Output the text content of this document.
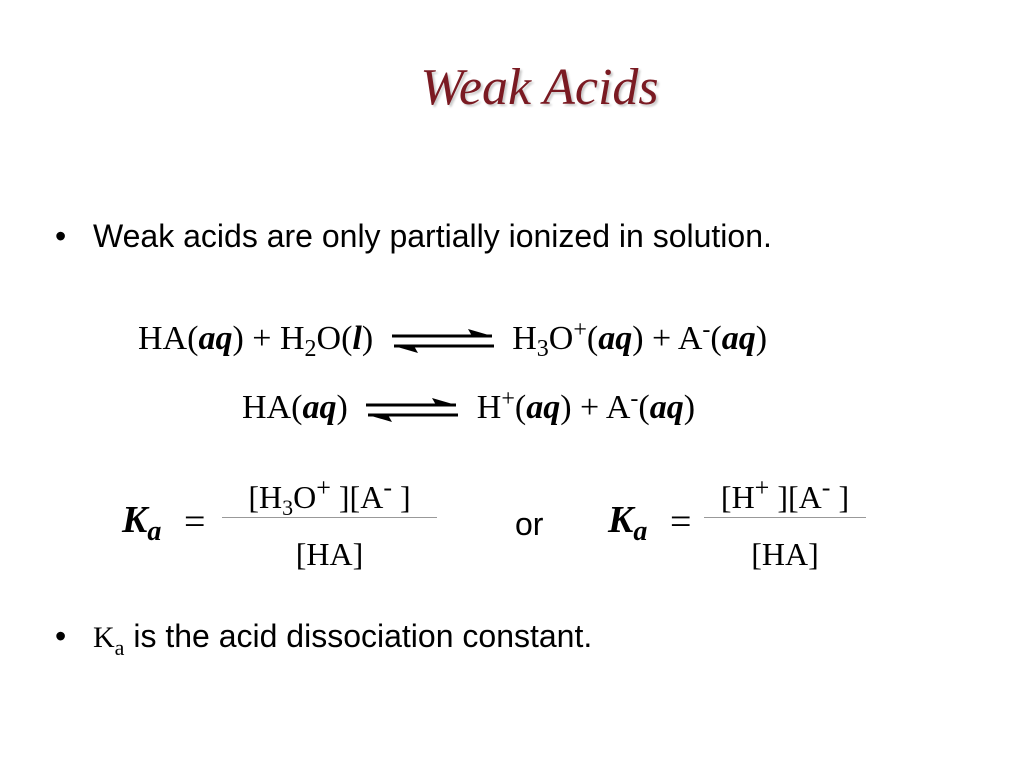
Weak Acids
• Weak acids are only partially ionized in solution.
$HA(aq) + H_2O(l)$ ⇌ $H_3O^+(aq) + A^-(aq)$
HA(aq) ⇌ H+(aq) + A-(aq)
$K_a$ =
[$H_3O^+$ ][A- ]
[HA]
or $K_a$ =
[H+ ][A- ]
[HA]
• $K_a$ is the acid dissociation constant.
